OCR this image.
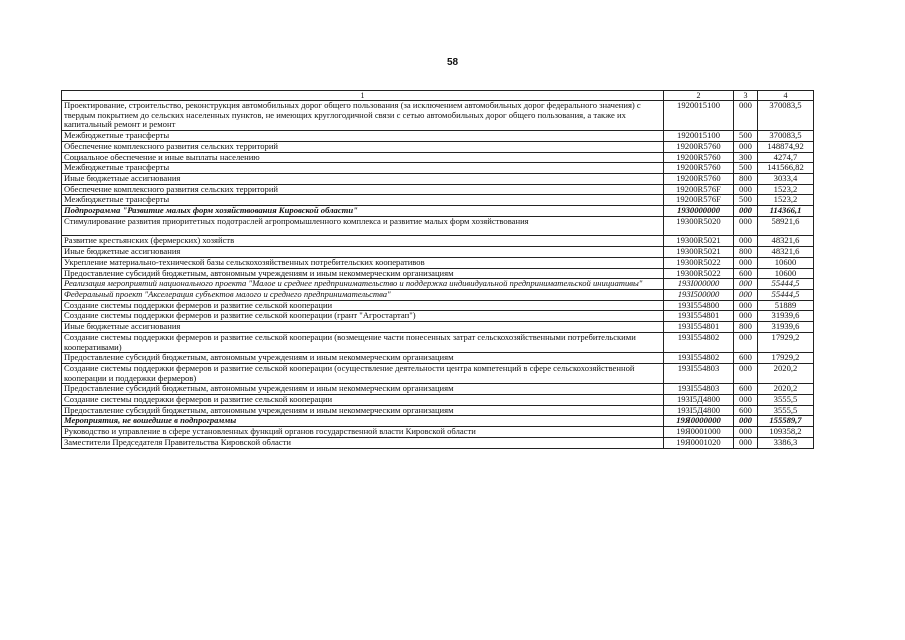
58
1	2	3	4
Проектирование, строительство, реконструкция автомобильных дорог общего пользования (за исключением автомобильных дорог федерального значения) с твердым покрытием до сельских населенных пунктов, не имеющих круглогодичной связи с сетью автомобильных дорог общего пользования, а также их капитальный ремонт и ремонт	1920015100	000	370083,5
Межбюджетные трансферты	1920015100	500	370083,5
Обеспечение комплексного развития сельских территорий	19200R5760	000	148874,92
Социальное обеспечение и иные выплаты населению	19200R5760	300	4274,7
Межбюджетные трансферты	19200R5760	500	141566,82
Иные бюджетные ассигнования	19200R5760	800	3033,4
Обеспечение комплексного развития сельских территорий	19200R576F	000	1523,2
Межбюджетные трансферты	19200R576F	500	1523,2
Подпрограмма "Развитие малых форм хозяйствования Кировской области"	1930000000	000	114366,1
Стимулирование развития приоритетных подотраслей агропромышленного комплекса и развитие малых форм хозяйствования	19300R5020	000	58921,6
Развитие крестьянских (фермерских) хозяйств	19300R5021	000	48321,6
Иные бюджетные ассигнования	19300R5021	800	48321,6
Укрепление материально-технической базы сельскохозяйственных потребительских кооперативов	19300R5022	000	10600
Предоставление субсидий бюджетным, автономным учреждениям и иным некоммерческим организациям	19300R5022	600	10600
Реализация мероприятий национального проекта "Малое и среднее предпринимательство и поддержка индивидуальной предпринимательской инициативы"	193I000000	000	55444,5
Федеральный проект "Акселерация субъектов малого и среднего предпринимательства"	193I500000	000	55444,5
Создание системы поддержки фермеров и развитие сельской кооперации	193I554800	000	51889
Создание системы поддержки фермеров и развитие сельской кооперации (грант "Агростартап")	193I554801	000	31939,6
Иные бюджетные ассигнования	193I554801	800	31939,6
Создание системы поддержки фермеров и развитие сельской кооперации (возмещение части понесенных затрат сельскохозяйственными потребительскими кооперативами)	193I554802	000	17929,2
Предоставление субсидий бюджетным, автономным учреждениям и иным некоммерческим организациям	193I554802	600	17929,2
Создание системы поддержки фермеров и развитие сельской кооперации (осуществление деятельности центра компетенций в сфере сельскохозяйственной кооперации и поддержки фермеров)	193I554803	000	2020,2
Предоставление субсидий бюджетным, автономным учреждениям и иным некоммерческим организациям	193I554803	600	2020,2
Создание системы поддержки фермеров и развитие сельской кооперации	193I5Д4800	000	3555,5
Предоставление субсидий бюджетным, автономным учреждениям и иным некоммерческим организациям	193I5Д4800	600	3555,5
Мероприятия, не вошедшие в подпрограммы	19Я0000000	000	155589,7
Руководство и управление в сфере установленных функций органов государственной власти Кировской области	19Я0001000	000	109358,2
Заместители Председателя Правительства Кировской области	19Я0001020	000	3386,3
